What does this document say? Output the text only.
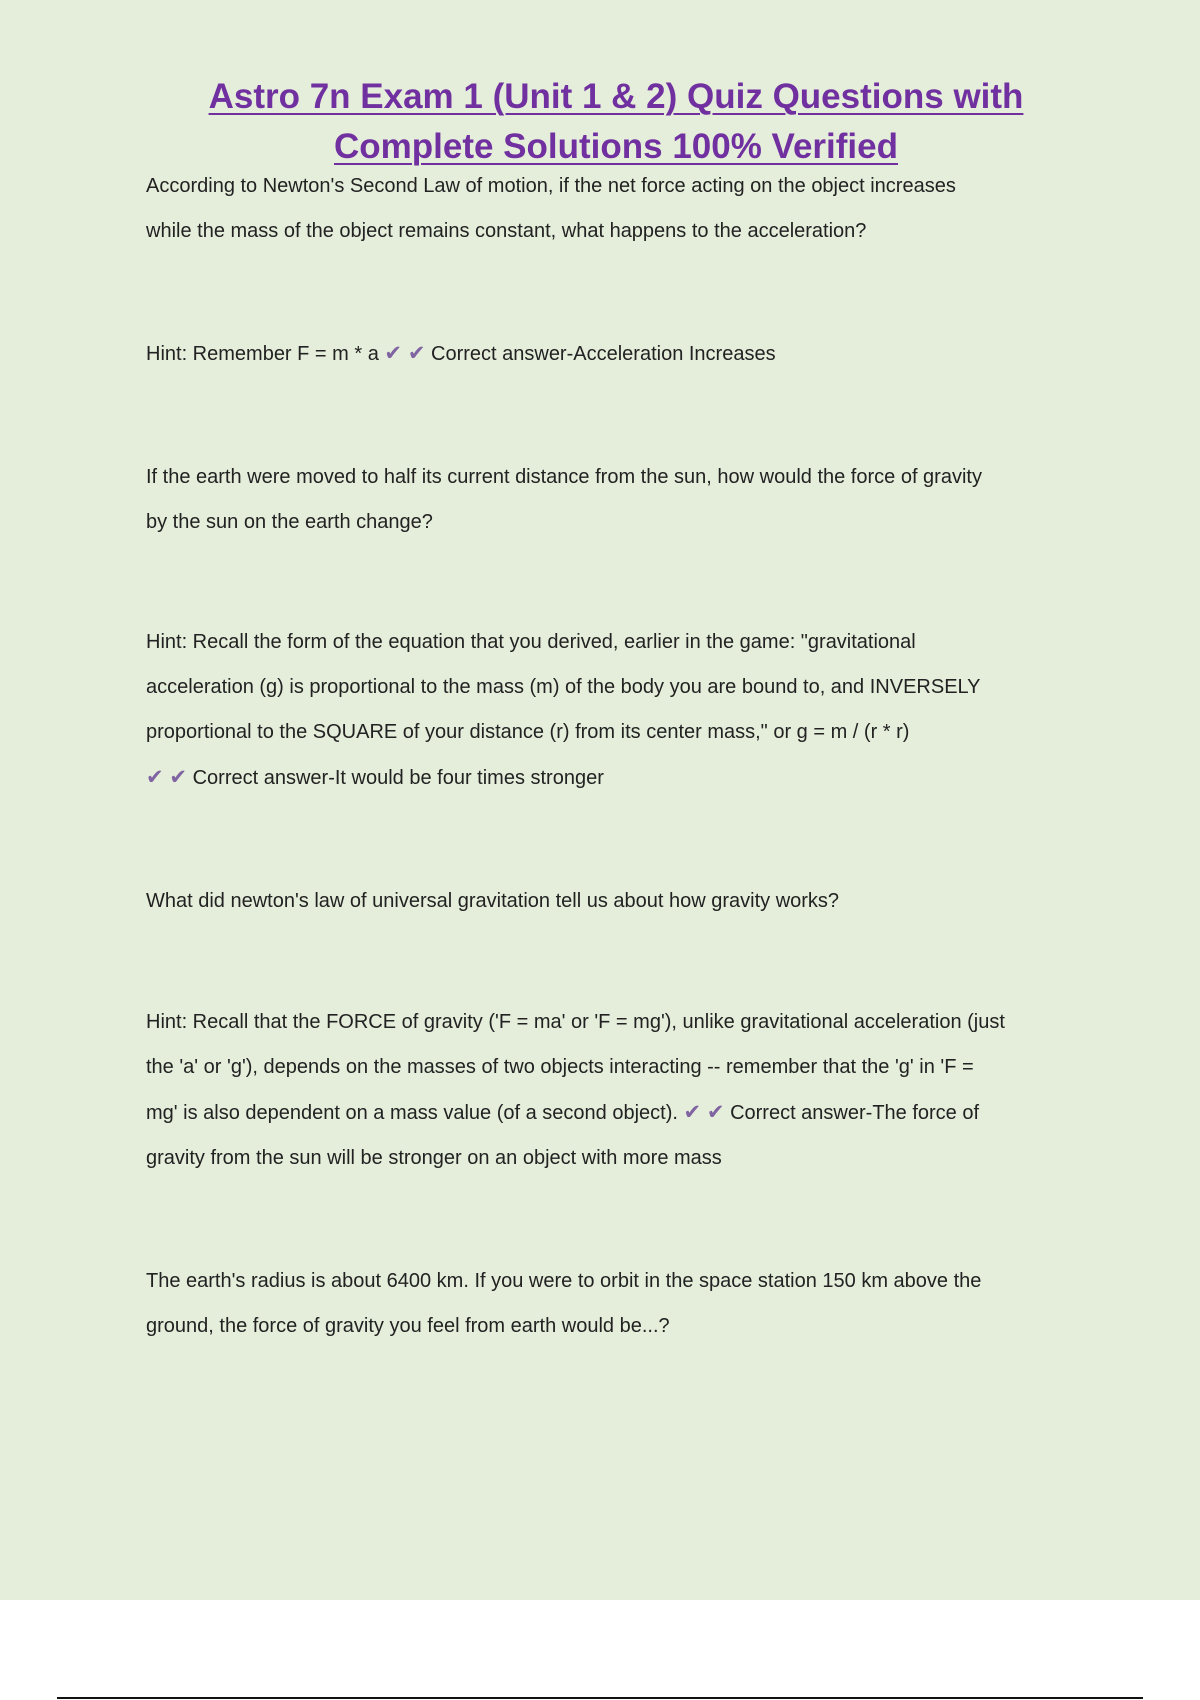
Astro 7n Exam 1 (Unit 1 & 2) Quiz Questions with
Complete Solutions 100% Verified

According to Newton's Second Law of motion, if the net force acting on the object increases
while the mass of the object remains constant, what happens to the acceleration?

Hint: Remember F = m * a ✔ ✔ Correct answer-Acceleration Increases

If the earth were moved to half its current distance from the sun, how would the force of gravity
by the sun on the earth change?

Hint: Recall the form of the equation that you derived, earlier in the game: "gravitational
acceleration (g) is proportional to the mass (m) of the body you are bound to, and INVERSELY
proportional to the SQUARE of your distance (r) from its center mass," or g = m / (r * r)
✔ ✔ Correct answer-It would be four times stronger

What did newton's law of universal gravitation tell us about how gravity works?

Hint: Recall that the FORCE of gravity ('F = ma' or 'F = mg'), unlike gravitational acceleration (just
the 'a' or 'g'), depends on the masses of two objects interacting -- remember that the 'g' in 'F =
mg' is also dependent on a mass value (of a second object). ✔ ✔ Correct answer-The force of
gravity from the sun will be stronger on an object with more mass

The earth's radius is about 6400 km. If you were to orbit in the space station 150 km above the
ground, the force of gravity you feel from earth would be...?
